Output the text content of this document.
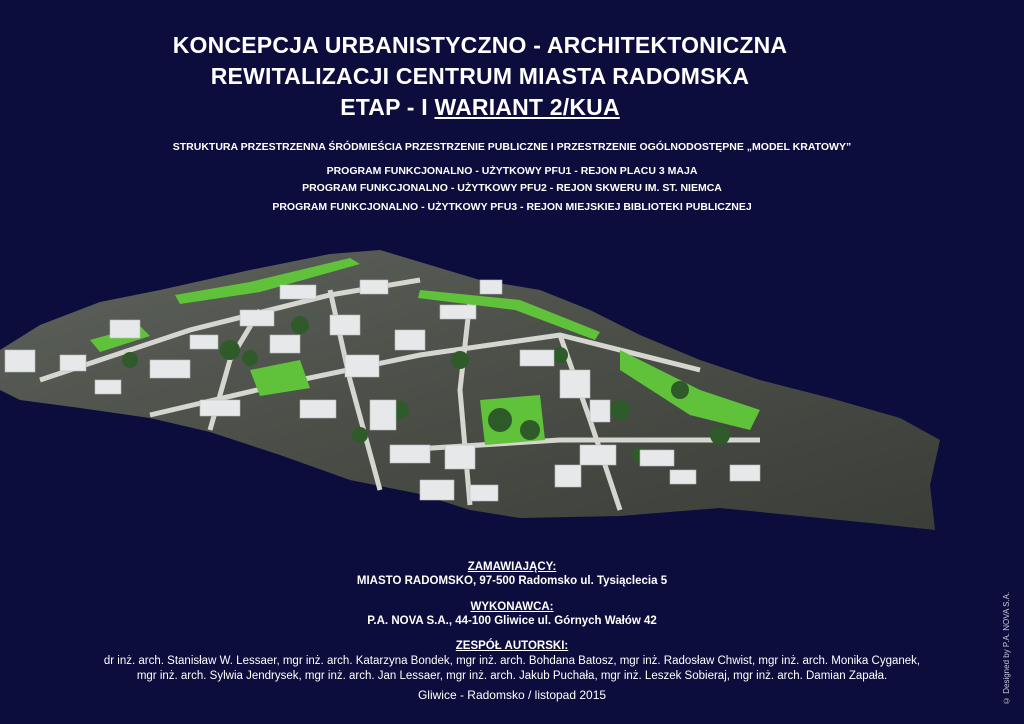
KONCEPCJA URBANISTYCZNO - ARCHITEKTONICZNA
REWITALIZACJI CENTRUM MIASTA RADOMSKA
ETAP - I WARIANT 2/KUA
STRUKTURA PRZESTRZENNA ŚRÓDMIEŚCIA PRZESTRZENIE PUBLICZNE I PRZESTRZENIE OGÓLNODOSTĘPNE „MODEL KRATOWY”
PROGRAM FUNKCJONALNO - UŻYTKOWY PFU1 - REJON PLACU 3 MAJA
PROGRAM FUNKCJONALNO - UŻYTKOWY PFU2 - REJON SKWERU IM. ST. NIEMCA
PROGRAM FUNKCJONALNO - UŻYTKOWY PFU3 - REJON MIEJSKIEJ BIBLIOTEKI PUBLICZNEJ
ZAMAWIAJĄCY:
MIASTO RADOMSKO, 97-500 Radomsko ul. Tysiąclecia 5
WYKONAWCA:
P.A. NOVA S.A., 44-100 Gliwice ul. Górnych Wałów 42
ZESPÓŁ AUTORSKI:
dr inż. arch. Stanisław W. Lessaer, mgr inż. arch. Katarzyna Bondek, mgr inż. arch. Bohdana Batosz, mgr inż. Radosław Chwist, mgr inż. arch. Monika Cyganek,
mgr inż. arch. Sylwia Jendrysek, mgr inż. arch. Jan Lessaer, mgr inż. arch. Jakub Puchała, mgr inż. Leszek Sobieraj, mgr inż. arch. Damian Zapała.
Gliwice - Radomsko / listopad 2015	© Designed by P.A. NOVA S.A.
